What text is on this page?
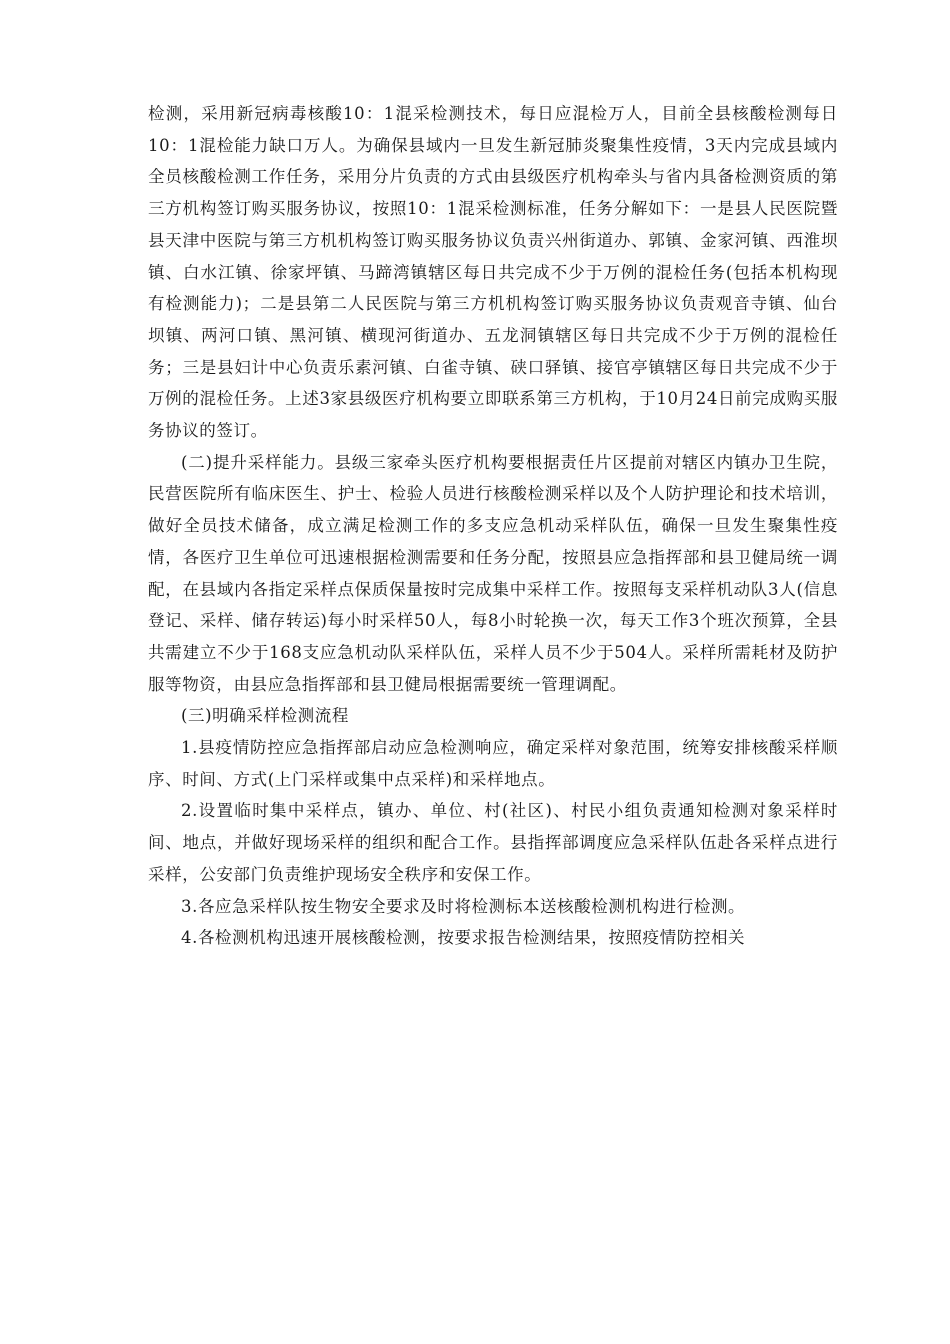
检测，采用新冠病毒核酸10：1混采检测技术，每日应混检万人，目前全县核酸检测每日10：1混检能力缺口万人。为确保县域内一旦发生新冠肺炎聚集性疫情，3天内完成县域内全员核酸检测工作任务，采用分片负责的方式由县级医疗机构牵头与省内具备检测资质的第三方机构签订购买服务协议，按照10：1混采检测标准，任务分解如下：一是县人民医院暨县天津中医院与第三方机机构签订购买服务协议负责兴州街道办、郭镇、金家河镇、西淮坝镇、白水江镇、徐家坪镇、马蹄湾镇辖区每日共完成不少于万例的混检任务(包括本机构现有检测能力)；二是县第二人民医院与第三方机机构签订购买服务协议负责观音寺镇、仙台坝镇、两河口镇、黑河镇、横现河街道办、五龙洞镇辖区每日共完成不少于万例的混检任务；三是县妇计中心负责乐素河镇、白雀寺镇、硖口驿镇、接官亭镇辖区每日共完成不少于万例的混检任务。上述3家县级医疗机构要立即联系第三方机构，于10月24日前完成购买服务协议的签订。

(二)提升采样能力。县级三家牵头医疗机构要根据责任片区提前对辖区内镇办卫生院，民营医院所有临床医生、护士、检验人员进行核酸检测采样以及个人防护理论和技术培训，做好全员技术储备，成立满足检测工作的多支应急机动采样队伍，确保一旦发生聚集性疫情，各医疗卫生单位可迅速根据检测需要和任务分配，按照县应急指挥部和县卫健局统一调配，在县域内各指定采样点保质保量按时完成集中采样工作。按照每支采样机动队3人(信息登记、采样、储存转运)每小时采样50人，每8小时轮换一次，每天工作3个班次预算，全县共需建立不少于168支应急机动队采样队伍，采样人员不少于504人。采样所需耗材及防护服等物资，由县应急指挥部和县卫健局根据需要统一管理调配。

(三)明确采样检测流程

1.县疫情防控应急指挥部启动应急检测响应，确定采样对象范围，统筹安排核酸采样顺序、时间、方式(上门采样或集中点采样)和采样地点。

2.设置临时集中采样点，镇办、单位、村(社区)、村民小组负责通知检测对象采样时间、地点，并做好现场采样的组织和配合工作。县指挥部调度应急采样队伍赴各采样点进行采样，公安部门负责维护现场安全秩序和安保工作。

3.各应急采样队按生物安全要求及时将检测标本送核酸检测机构进行检测。

4.各检测机构迅速开展核酸检测，按要求报告检测结果，按照疫情防控相关
